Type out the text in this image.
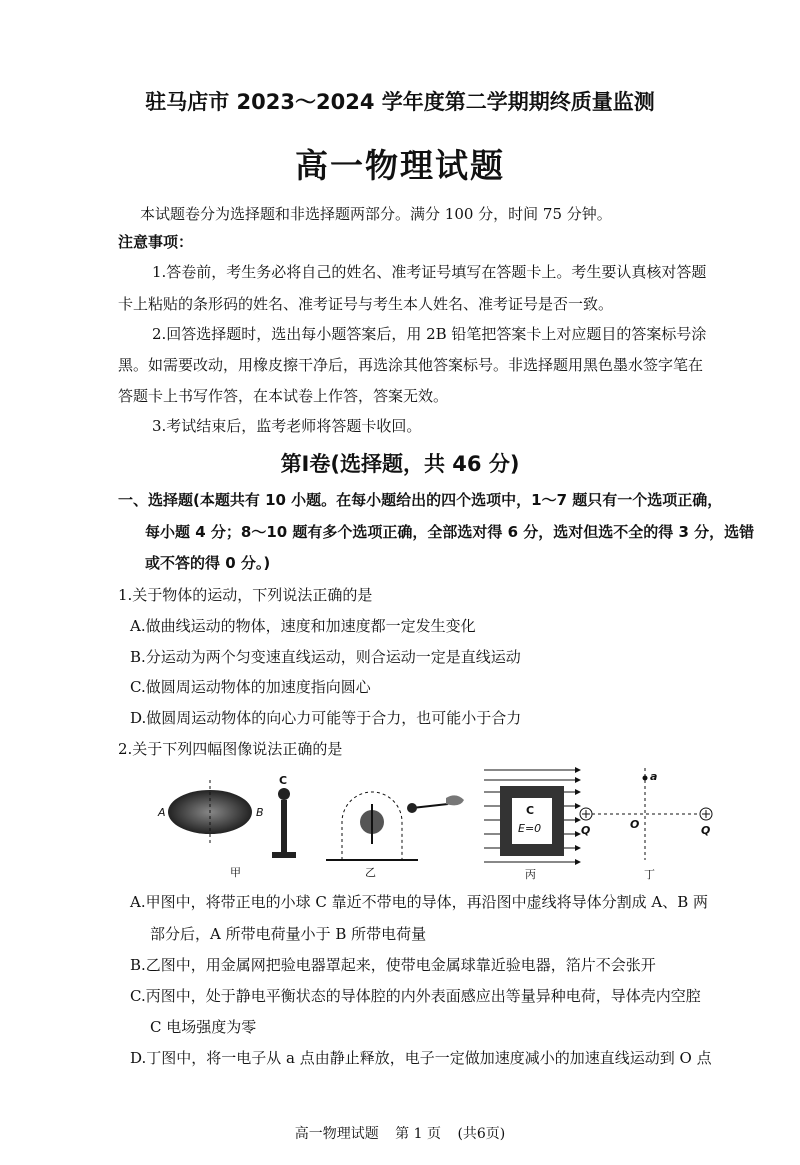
驻马店市 2023～2024 学年度第二学期期终质量监测
高一物理试题
本试题卷分为选择题和非选择题两部分。满分 100 分，时间 75 分钟。
注意事项：
1.答卷前，考生务必将自己的姓名、准考证号填写在答题卡上。考生要认真核对答题
卡上粘贴的条形码的姓名、准考证号与考生本人姓名、准考证号是否一致。
2.回答选择题时，选出每小题答案后，用 2B 铅笔把答案卡上对应题目的答案标号涂
黑。如需要改动，用橡皮擦干净后，再选涂其他答案标号。非选择题用黑色墨水签字笔在
答题卡上书写作答，在本试卷上作答，答案无效。
3.考试结束后，监考老师将答题卡收回。
第Ⅰ卷(选择题，共 46 分)
一、选择题(本题共有 10 小题。在每小题给出的四个选项中，1～7 题只有一个选项正确，
每小题 4 分；8～10 题有多个选项正确，全部选对得 6 分，选对但选不全的得 3 分，选错
或不答的得 0 分。)
1.关于物体的运动，下列说法正确的是
A.做曲线运动的物体，速度和加速度都一定发生变化
B.分运动为两个匀变速直线运动，则合运动一定是直线运动
C.做圆周运动物体的加速度指向圆心
D.做圆周运动物体的向心力可能等于合力，也可能小于合力
2.关于下列四幅图像说法正确的是
A	B
C
甲	乙
C
E=0
丙
a
O
Q	Q
丁
A.甲图中，将带正电的小球 C 靠近不带电的导体，再沿图中虚线将导体分割成 A、B 两
部分后，A 所带电荷量小于 B 所带电荷量
B.乙图中，用金属网把验电器罩起来，使带电金属球靠近验电器，箔片不会张开
C.丙图中，处于静电平衡状态的导体腔的内外表面感应出等量异种电荷，导体壳内空腔
C 电场强度为零
D.丁图中，将一电子从 a 点由静止释放，电子一定做加速度减小的加速直线运动到 O 点
高一物理试题 第 1 页 (共6页)
